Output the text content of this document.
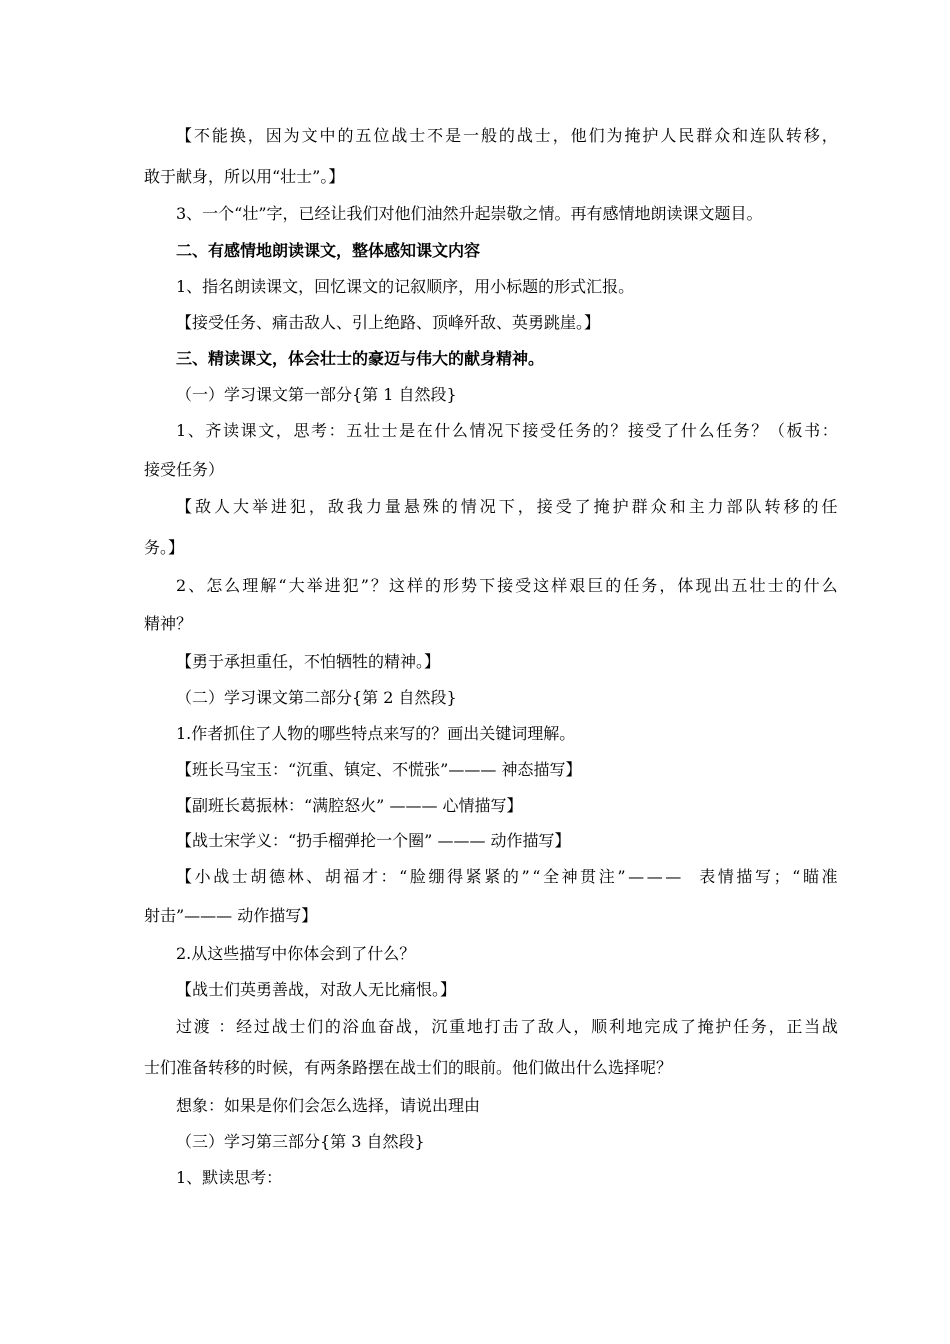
【 不 能 换 ， 因 为 文 中 的 五 位 战 士 不 是 一 般 的 战 士 ， 他 们 为 掩 护 人 民 群 众 和 连 队 转 移 ，
敢于献身，所以用“壮士”。】
3、一个“壮”字，已经让我们对他们油然升起崇敬之情。再有感情地朗读课文题目。
二、有感情地朗读课文，整体感知课文内容
1、指名朗读课文，回忆课文的记叙顺序，用小标题的形式汇报。
【接受任务、痛击敌人、引上绝路、顶峰歼敌、英勇跳崖。】
三、精读课文，体会壮士的豪迈与伟大的献身精神。
（一）学习课文第一部分{第 1 自然段}
1 、 齐 读 课 文 ， 思 考 ： 五 壮 士 是 在 什 么 情 况 下 接 受 任 务 的 ？ 接 受 了 什 么 任 务 ？ （ 板 书 ：
接受任务）
【 敌 人 大 举 进 犯 ， 敌 我 力 量 悬 殊 的 情 况 下 ， 接 受 了 掩 护 群 众 和 主 力 部 队 转 移 的 任
务。】
2 、 怎 么 理 解 “ 大 举 进 犯 ” ？ 这 样 的 形 势 下 接 受 这 样 艰 巨 的 任 务 ， 体 现 出 五 壮 士 的 什 么
精神？
【勇于承担重任，不怕牺牲的精神。】
（二）学习课文第二部分{第 2 自然段}
1.作者抓住了人物的哪些特点来写的？画出关键词理解。
【班长马宝玉：“沉重、镇定、不慌张”——— 神态描写】
【副班长葛振林：“满腔怒火” ——— 心情描写】
【战士宋学义：“扔手榴弹抡一个圈” ——— 动作描写】
【 小 战 士 胡 德 林 、 胡 福 才 ： “ 脸 绷 得 紧 紧 的 ” “ 全 神 贯 注 ” — — —

表 情 描 写 ； “ 瞄 准
射击”——— 动作描写】
2.从这些描写中你体会到了什么？
【战士们英勇善战，对敌人无比痛恨。】
过 渡
： 经 过 战 士 们 的 浴 血 奋 战 ， 沉 重 地 打 击 了 敌 人 ， 顺 利 地 完 成 了 掩 护 任 务 ， 正 当 战
士们准备转移的时候，有两条路摆在战士们的眼前。他们做出什么选择呢？
想象：如果是你们会怎么选择，请说出理由
（三）学习第三部分{第 3 自然段}
1、默读思考：
